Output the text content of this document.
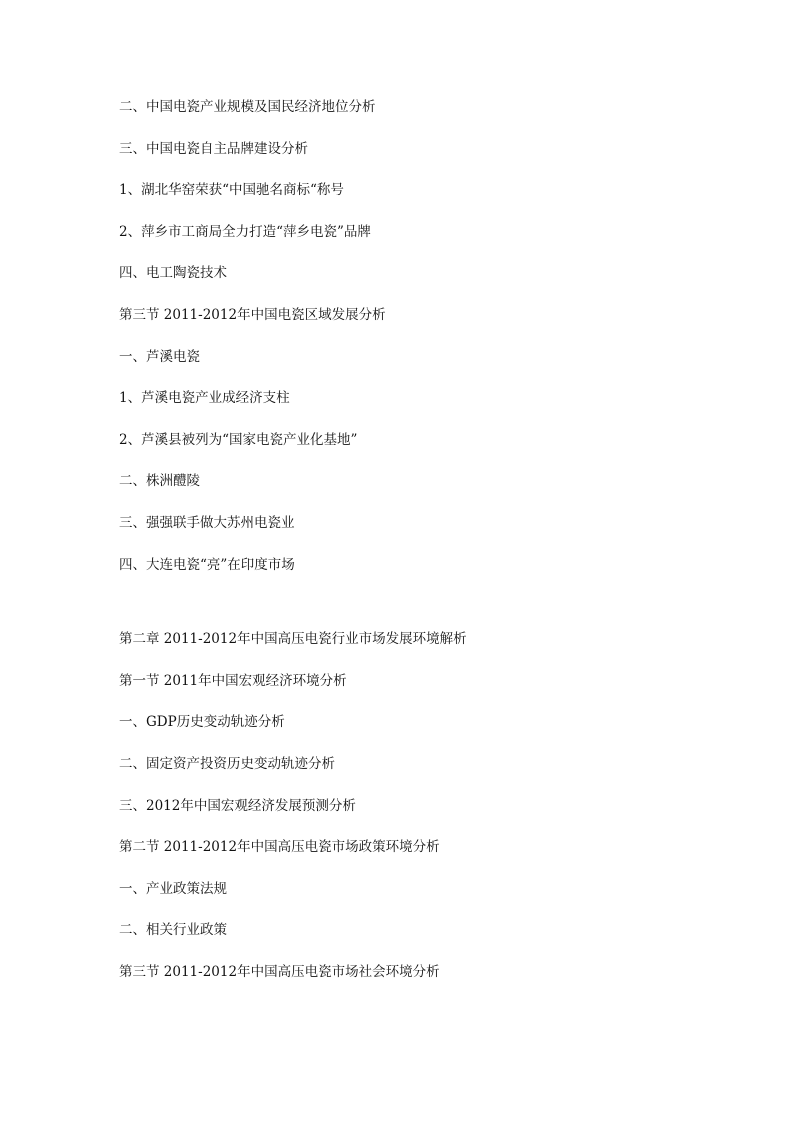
二、中国电瓷产业规模及国民经济地位分析
三、中国电瓷自主品牌建设分析
1、湖北华窑荣获“中国驰名商标“称号
2、萍乡市工商局全力打造“萍乡电瓷”品牌
四、电工陶瓷技术
第三节 2011-2012年中国电瓷区域发展分析
一、芦溪电瓷
1、芦溪电瓷产业成经济支柱
2、芦溪县被列为“国家电瓷产业化基地”
二、株洲醴陵
三、强强联手做大苏州电瓷业
四、大连电瓷“亮”在印度市场
第二章 2011-2012年中国高压电瓷行业市场发展环境解析
第一节 2011年中国宏观经济环境分析
一、GDP历史变动轨迹分析
二、固定资产投资历史变动轨迹分析
三、2012年中国宏观经济发展预测分析
第二节 2011-2012年中国高压电瓷市场政策环境分析
一、产业政策法规
二、相关行业政策
第三节 2011-2012年中国高压电瓷市场社会环境分析
